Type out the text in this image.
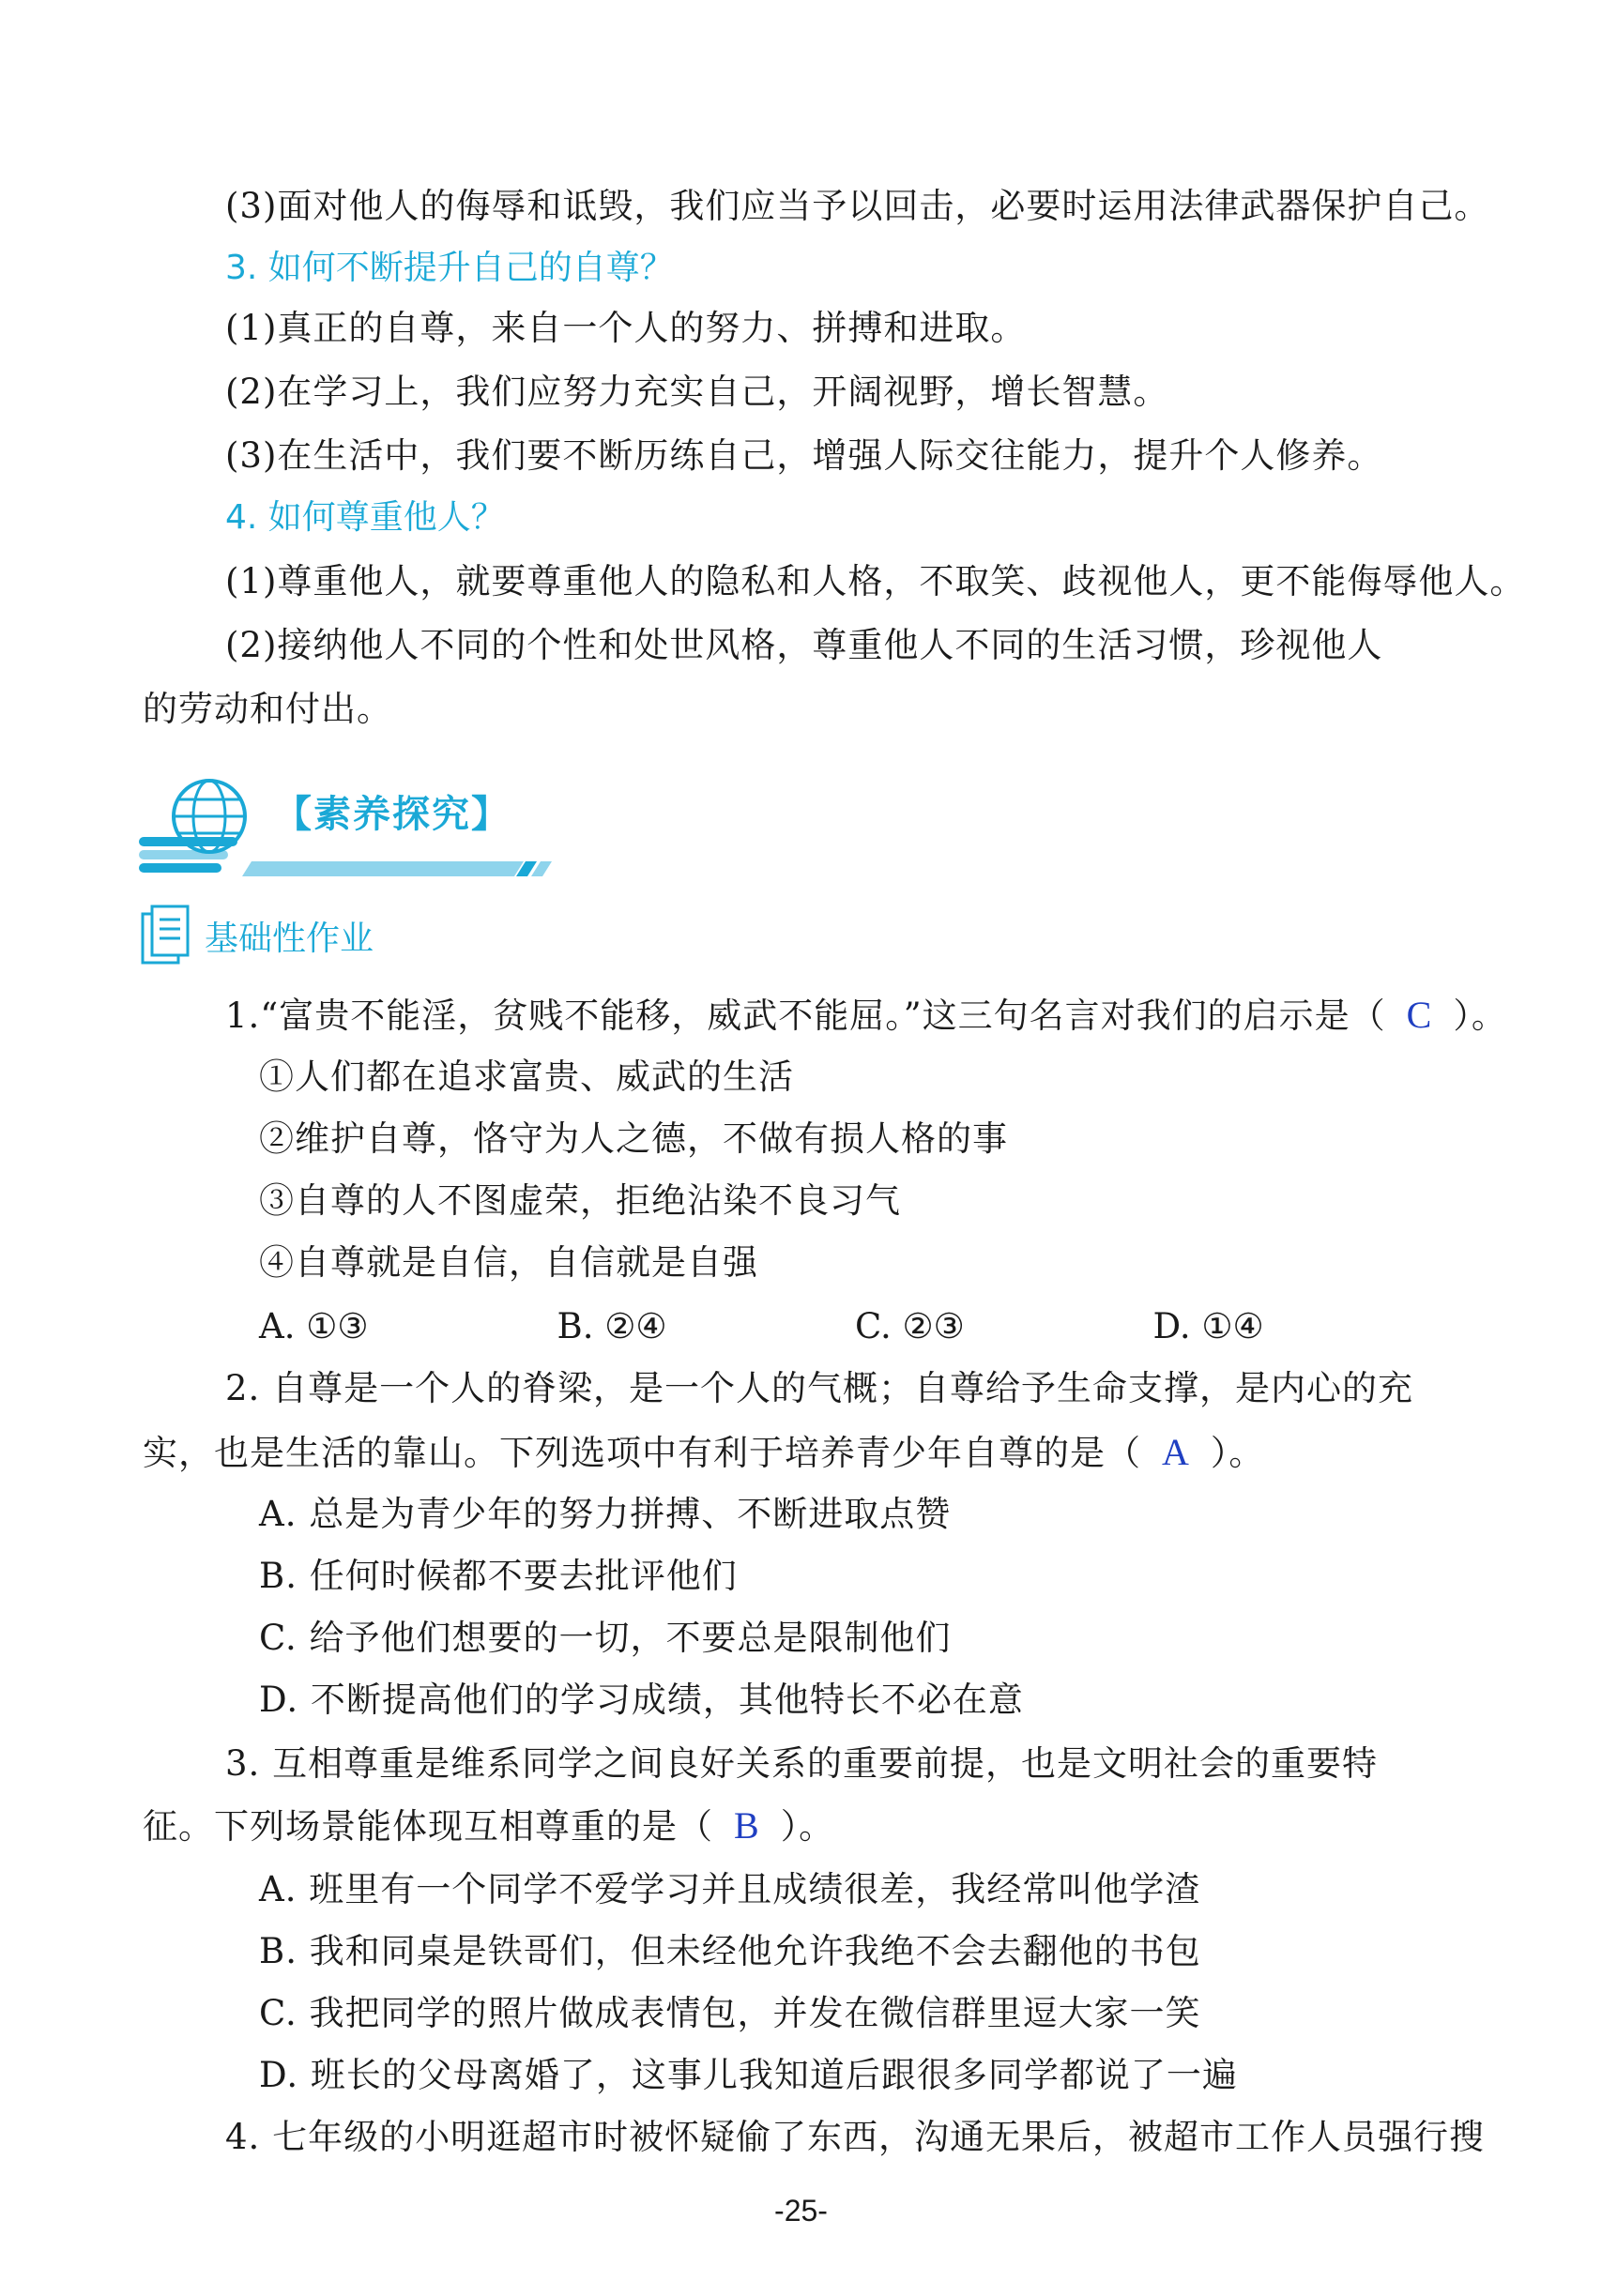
(3)面对他人的侮辱和诋毁，我们应当予以回击，必要时运用法律武器保护自己。
3. 如何不断提升自己的自尊？
(1)真正的自尊，来自一个人的努力、拼搏和进取。
(2)在学习上，我们应努力充实自己，开阔视野，增长智慧。
(3)在生活中，我们要不断历练自己，增强人际交往能力，提升个人修养。
4. 如何尊重他人？
(1)尊重他人，就要尊重他人的隐私和人格，不取笑、歧视他人，更不能侮辱他人。
(2)接纳他人不同的个性和处世风格，尊重他人不同的生活习惯，珍视他人
的劳动和付出。
【素养探究】
基础性作业
1.“富贵不能淫，贫贱不能移，威武不能屈。”这三句名言对我们的启示是（ C ）。
①人们都在追求富贵、威武的生活
②维护自尊，恪守为人之德，不做有损人格的事
③自尊的人不图虚荣，拒绝沾染不良习气
④自尊就是自信，自信就是自强
A. ①③	B. ②④	C. ②③	D. ①④
2. 自尊是一个人的脊梁，是一个人的气概；自尊给予生命支撑，是内心的充
实，也是生活的靠山。下列选项中有利于培养青少年自尊的是（ A ）。
A. 总是为青少年的努力拼搏、不断进取点赞
B. 任何时候都不要去批评他们
C. 给予他们想要的一切，不要总是限制他们
D. 不断提高他们的学习成绩，其他特长不必在意
3. 互相尊重是维系同学之间良好关系的重要前提，也是文明社会的重要特
征。下列场景能体现互相尊重的是（ B ）。
A. 班里有一个同学不爱学习并且成绩很差，我经常叫他学渣
B. 我和同桌是铁哥们，但未经他允许我绝不会去翻他的书包
C. 我把同学的照片做成表情包，并发在微信群里逗大家一笑
D. 班长的父母离婚了，这事儿我知道后跟很多同学都说了一遍
4. 七年级的小明逛超市时被怀疑偷了东西，沟通无果后，被超市工作人员强行搜
-25-
